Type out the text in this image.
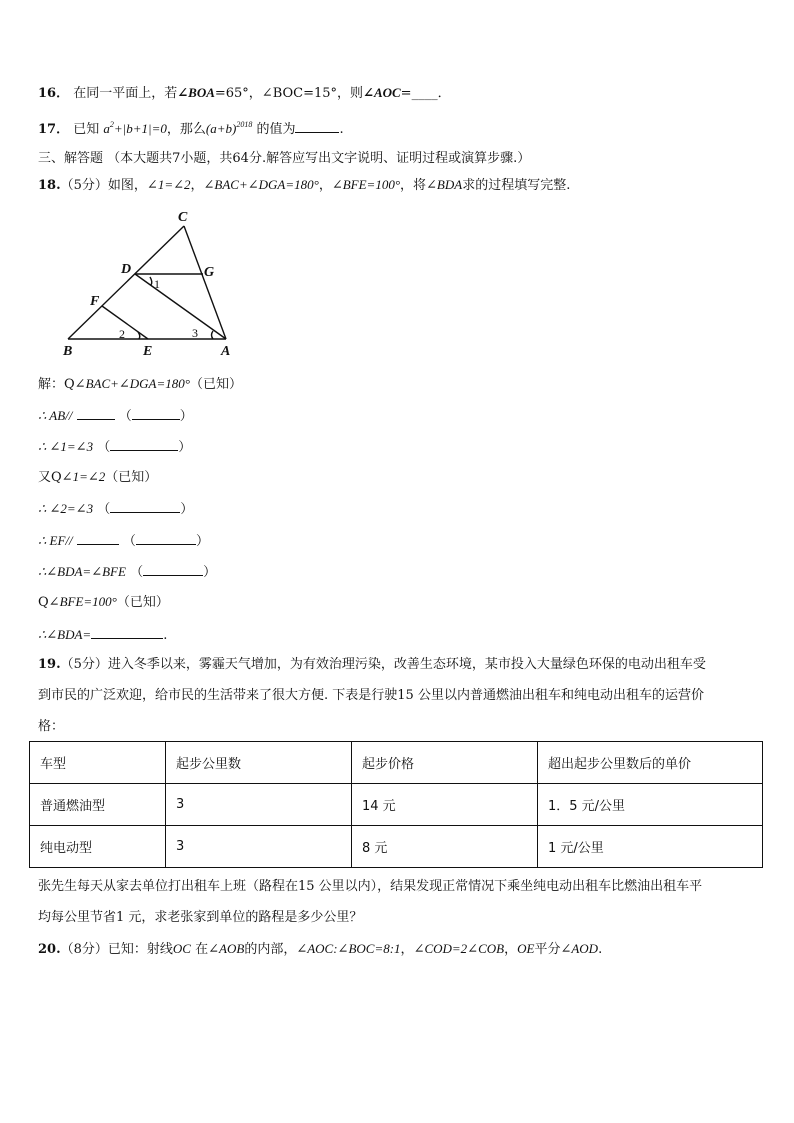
16． 在同一平面上，若∠BOA=65°，∠BOC=15°，则∠AOC=____．
17． 已知 $a^2+|b+1|=0$，那么$(a+b)^{2018}$ 的值为	.
三、解答题 （本大题共7小题，共64分.解答应写出文字说明、证明过程或演算步骤.）
18.（5分）如图，∠1=∠2，∠BAC+∠DGA=180°，∠BFE=100°，将∠BDA求的过程填写完整.
C
D	G
F
B	E	A
1
2	3
解：Q∠BAC+∠DGA=180°（已知）
∴ AB//	（	）
∴ ∠1=∠3 （	）
又Q∠1=∠2（已知）
∴ ∠2=∠3 （	）
∴ EF//	（	）
∴∠BDA=∠BFE （	）
Q∠BFE=100°（已知）
∴∠BDA=	.
19.（5分）进入冬季以来，雾霾天气增加，为有效治理污染，改善生态环境，某市投入大量绿色环保的电动出租车受
到市民的广泛欢迎，给市民的生活带来了很大方便. 下表是行驶15 公里以内普通燃油出租车和纯电动出租车的运营价
格：
车型	起步公里数	起步价格	超出起步公里数后的单价
普通燃油型	3	14 元	1．5 元/公里
纯电动型	3	8 元	1 元/公里
张先生每天从家去单位打出租车上班（路程在15 公里以内），结果发现正常情况下乘坐纯电动出租车比燃油出租车平
均每公里节省1 元，求老张家到单位的路程是多少公里？
20.（8分）已知：射线OC 在∠AOB的内部，∠AOC:∠BOC=8:1，∠COD=2∠COB，OE平分∠AOD.
